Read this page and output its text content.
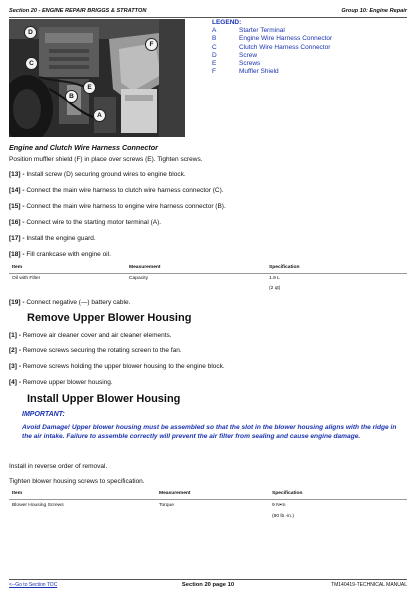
Section 20 - ENGINE REPAIR BRIGGS & STRATTON	Group 10: Engine Repair
D
C
B
E
A
F
LEGEND:
A	Starter Terminal
B	Engine Wire Harness Connector
C	Clutch Wire Harness Connector
D	Screw
E	Screws
F	Muffler Shield
Engine and Clutch Wire Harness Connector
Position muffler shield (F) in place over screws (E). Tighten screws.
[13] - Install screw (D) securing ground wires to engine block.
[14] - Connect the main wire harness to clutch wire harness connector (C).
[15] - Connect the main wire harness to engine wire harness connector (B).
[16] - Connect wire to the starting motor terminal (A).
[17] - Install the engine guard.
[18] - Fill crankcase with engine oil.
Item	Measurement	Specification
Oil with Filter	Capacity	1.9 L
(2 qt)
[19] - Connect negative (—) battery cable.
Remove Upper Blower Housing
[1] - Remove air cleaner cover and air cleaner elements.
[2] - Remove screws securing the rotating screen to the fan.
[3] - Remove screws holding the upper blower housing to the engine block.
[4] - Remove upper blower housing.
Install Upper Blower Housing
IMPORTANT:
Avoid Damage! Upper blower housing must be assembled so that the slot in the blower housing aligns with the ridge in the air intake. Failure to assemble correctly will prevent the air filter from sealing and cause engine damage.
Install in reverse order of removal.
Tighten blower housing screws to specification.
Item	Measurement	Specification
Blower Housing Screws	Torque	9 N•m
(80 lb.-in.)
<--Go to Section TOC	Section 20 page 10	TM140419-TECHNICAL MANUAL
